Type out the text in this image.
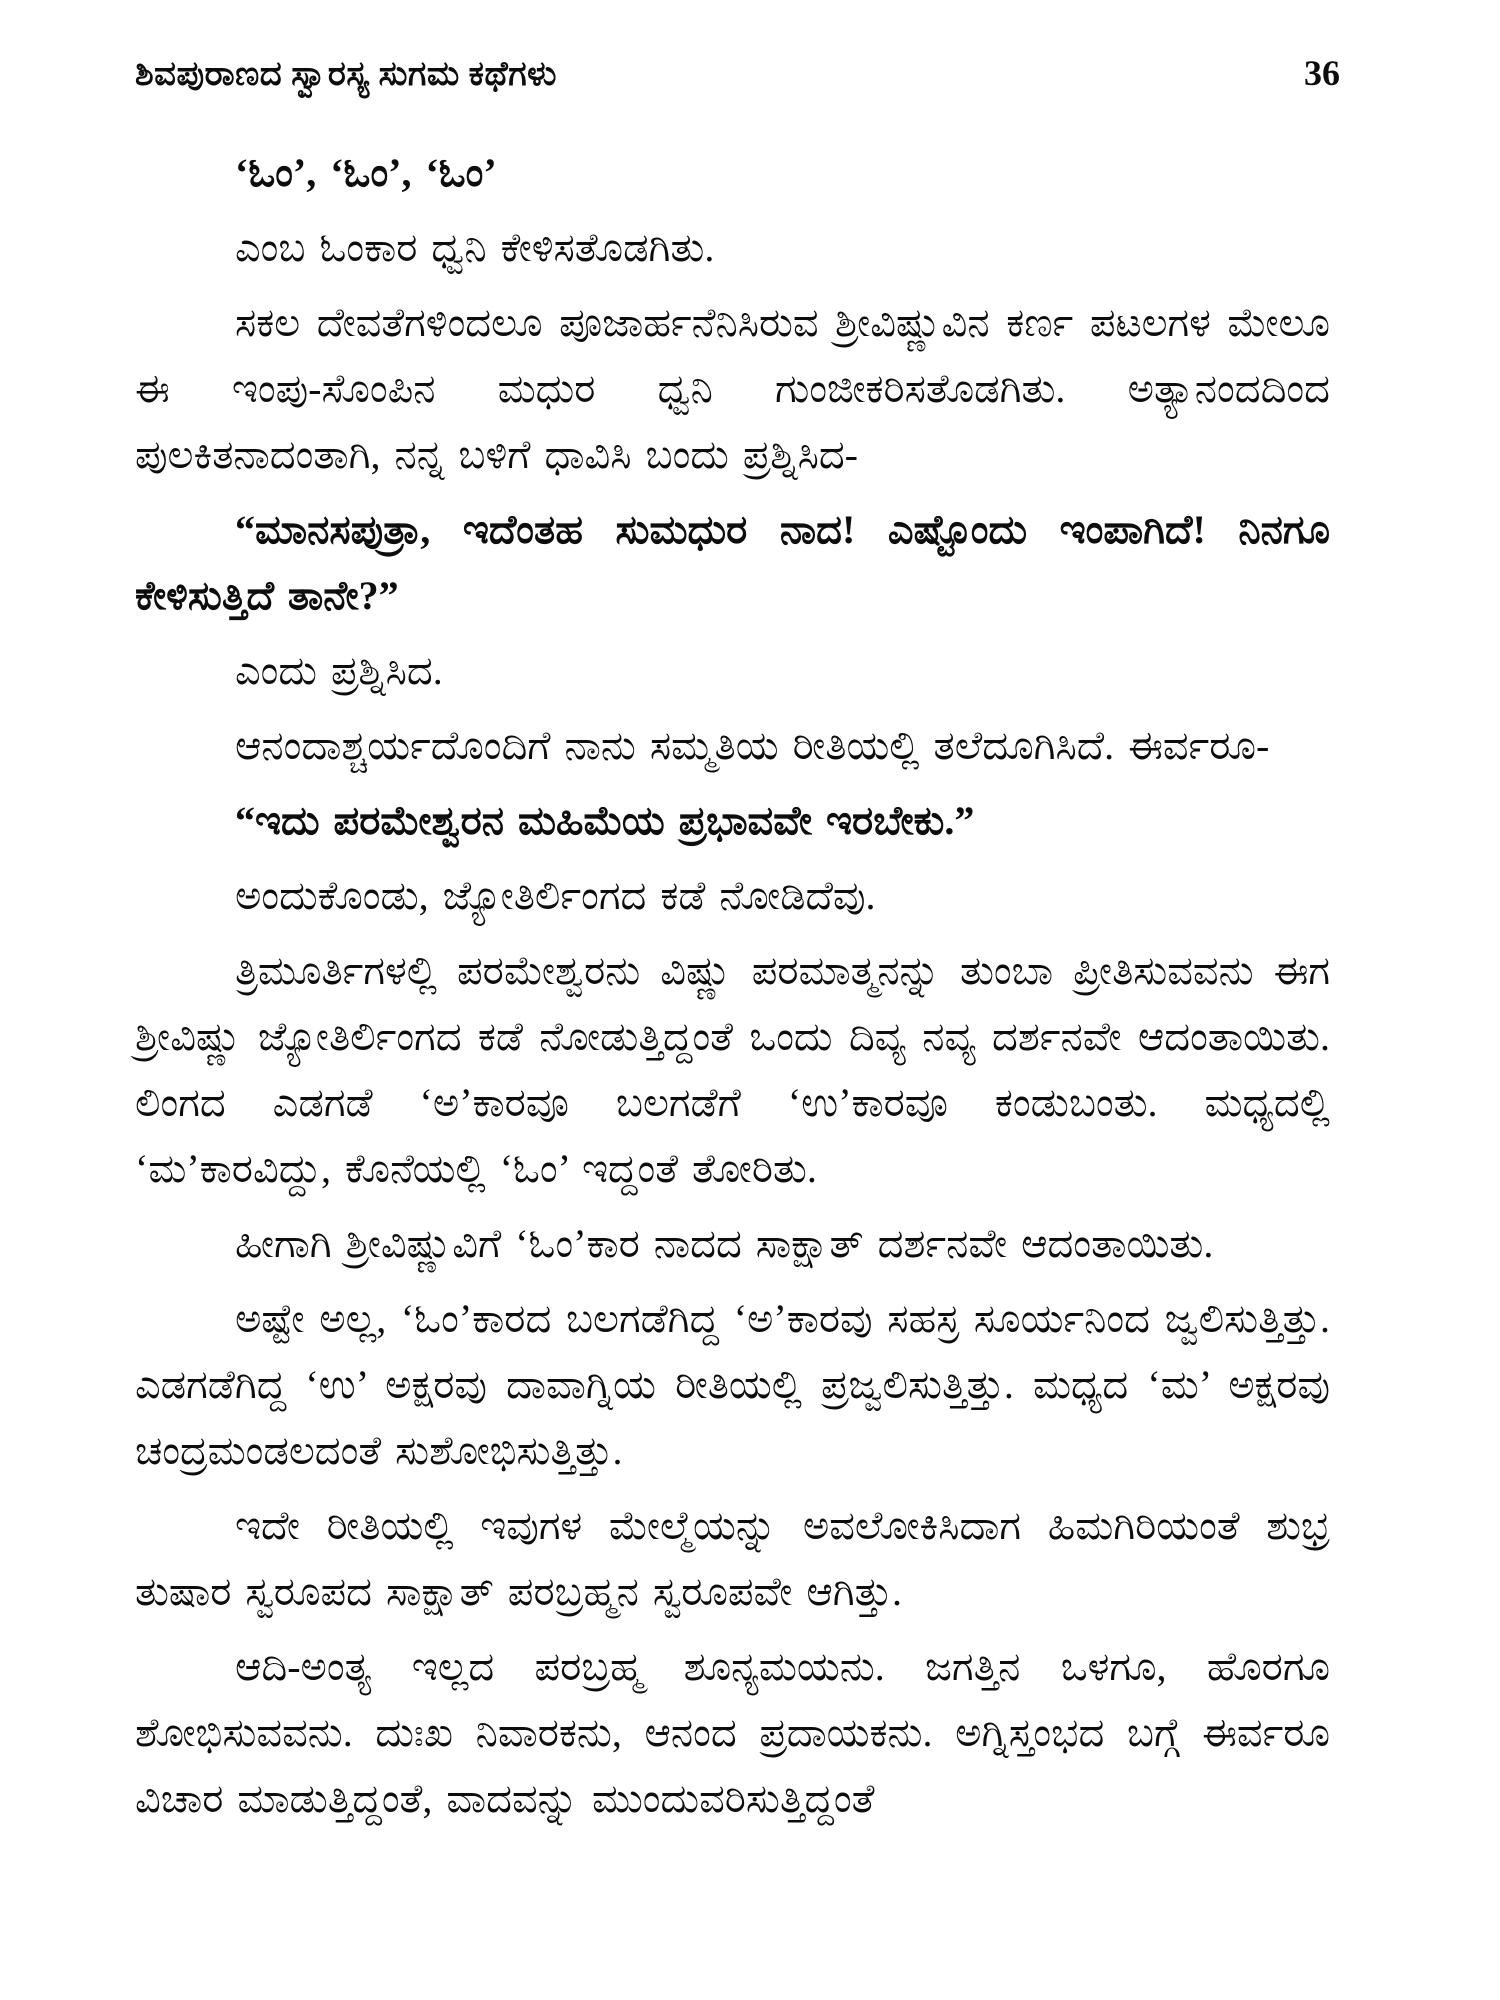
ಶಿವಪುರಾಣದ ಸ್ವಾರಸ್ಯ ಸುಗಮ ಕಥೆಗಳು	36

‘ಓಂ’, ‘ಓಂ’, ‘ಓಂ’

ಎಂಬ ಓಂಕಾರ ಧ್ವನಿ ಕೇಳಿಸತೊಡಗಿತು.

ಸಕಲ ದೇವತೆಗಳಿಂದಲೂ ಪೂಜಾರ್ಹನೆನಿಸಿರುವ ಶ್ರೀವಿಷ್ಣುವಿನ ಕರ್ಣ ಪಟಲಗಳ ಮೇಲೂ ಈ ಇಂಪು-ಸೊಂಪಿನ ಮಧುರ ಧ್ವನಿ ಗುಂಜೀಕರಿಸತೊಡಗಿತು. ಅತ್ಯಾನಂದದಿಂದ ಪುಲಕಿತನಾದಂತಾಗಿ, ನನ್ನ ಬಳಿಗೆ ಧಾವಿಸಿ ಬಂದು ಪ್ರಶ್ನಿಸಿದ-

“ಮಾನಸಪುತ್ರಾ, ಇದೆಂತಹ ಸುಮಧುರ ನಾದ! ಎಷ್ಟೊಂದು ಇಂಪಾಗಿದೆ! ನಿನಗೂ ಕೇಳಿಸುತ್ತಿದೆ ತಾನೇ?”

ಎಂದು ಪ್ರಶ್ನಿಸಿದ.

ಆನಂದಾಶ್ಚರ್ಯದೊಂದಿಗೆ ನಾನು ಸಮ್ಮತಿಯ ರೀತಿಯಲ್ಲಿ ತಲೆದೂಗಿಸಿದೆ. ಈರ್ವರೂ-

“ಇದು ಪರಮೇಶ್ವರನ ಮಹಿಮೆಯ ಪ್ರಭಾವವೇ ಇರಬೇಕು.”

ಅಂದುಕೊಂಡು, ಜ್ಯೋತಿರ್ಲಿಂಗದ ಕಡೆ ನೋಡಿದೆವು.

ತ್ರಿಮೂರ್ತಿಗಳಲ್ಲಿ ಪರಮೇಶ್ವರನು ವಿಷ್ಣು ಪರಮಾತ್ಮನನ್ನು ತುಂಬಾ ಪ್ರೀತಿಸುವವನು ಈಗ ಶ್ರೀವಿಷ್ಣು ಜ್ಯೋತಿರ್ಲಿಂಗದ ಕಡೆ ನೋಡುತ್ತಿದ್ದಂತೆ ಒಂದು ದಿವ್ಯ ನವ್ಯ ದರ್ಶನವೇ ಆದಂತಾಯಿತು. ಲಿಂಗದ ಎಡಗಡೆ ‘ಅ’ಕಾರವೂ ಬಲಗಡೆಗೆ ‘ಉ’ಕಾರವೂ ಕಂಡುಬಂತು. ಮಧ್ಯದಲ್ಲಿ ‘ಮ’ಕಾರವಿದ್ದು, ಕೊನೆಯಲ್ಲಿ ‘ಓಂ’ ಇದ್ದಂತೆ ತೋರಿತು.

ಹೀಗಾಗಿ ಶ್ರೀವಿಷ್ಣುವಿಗೆ ‘ಓಂ’ಕಾರ ನಾದದ ಸಾಕ್ಷಾತ್ ದರ್ಶನವೇ ಆದಂತಾಯಿತು.

ಅಷ್ಟೇ ಅಲ್ಲ, ‘ಓಂ’ಕಾರದ ಬಲಗಡೆಗಿದ್ದ ‘ಅ’ಕಾರವು ಸಹಸ್ರ ಸೂರ್ಯನಿಂದ ಜ್ವಲಿಸುತ್ತಿತ್ತು. ಎಡಗಡೆಗಿದ್ದ ‘ಉ’ ಅಕ್ಷರವು ದಾವಾಗ್ನಿಯ ರೀತಿಯಲ್ಲಿ ಪ್ರಜ್ವಲಿಸುತ್ತಿತ್ತು. ಮಧ್ಯದ ‘ಮ’ ಅಕ್ಷರವು ಚಂದ್ರಮಂಡಲದಂತೆ ಸುಶೋಭಿಸುತ್ತಿತ್ತು.

ಇದೇ ರೀತಿಯಲ್ಲಿ ಇವುಗಳ ಮೇಲ್ಮೆಯನ್ನು ಅವಲೋಕಿಸಿದಾಗ ಹಿಮಗಿರಿಯಂತೆ ಶುಭ್ರ ತುಷಾರ ಸ್ವರೂಪದ ಸಾಕ್ಷಾತ್ ಪರಬ್ರಹ್ಮನ ಸ್ವರೂಪವೇ ಆಗಿತ್ತು.

ಆದಿ-ಅಂತ್ಯ ಇಲ್ಲದ ಪರಬ್ರಹ್ಮ ಶೂನ್ಯಮಯನು. ಜಗತ್ತಿನ ಒಳಗೂ, ಹೊರಗೂ ಶೋಭಿಸುವವನು. ದುಃಖ ನಿವಾರಕನು, ಆನಂದ ಪ್ರದಾಯಕನು. ಅಗ್ನಿಸ್ತಂಭದ ಬಗ್ಗೆ ಈರ್ವರೂ ವಿಚಾರ ಮಾಡುತ್ತಿದ್ದಂತೆ, ವಾದವನ್ನು ಮುಂದುವರಿಸುತ್ತಿದ್ದಂತೆ
